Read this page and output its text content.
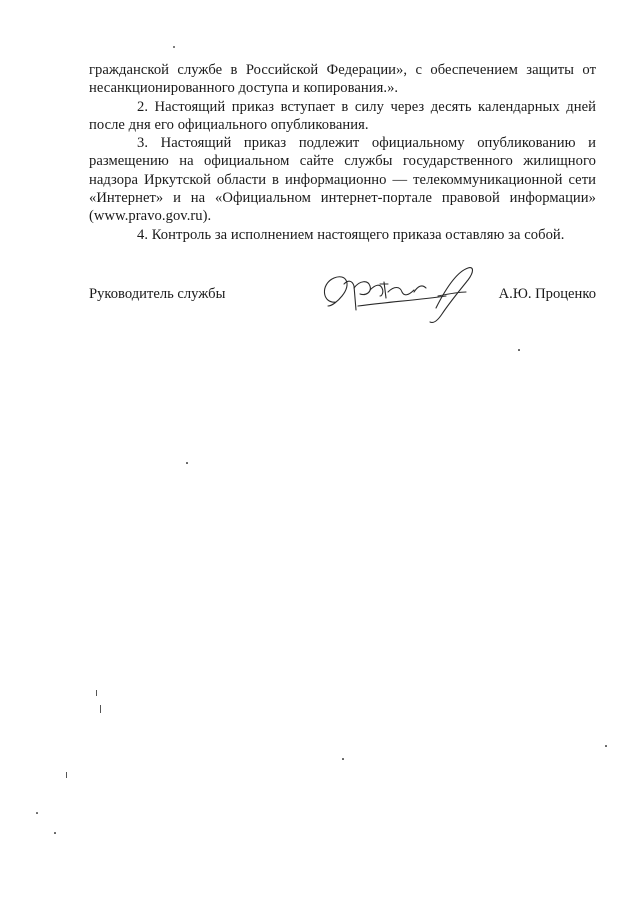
гражданской службе в Российской Федерации», с обеспечением защиты от несанкционированного доступа и копирования.».

2. Настоящий приказ вступает в силу через десять календарных дней после дня его официального опубликования.

3. Настоящий приказ подлежит официальному опубликованию и размещению на официальном сайте службы государственного жилищного надзора Иркутской области в информационно — телекоммуникационной сети «Интернет» и на «Официальном интернет-портале правовой информации» (www.pravo.gov.ru).

4. Контроль за исполнением настоящего приказа оставляю за собой.

Руководитель службы	А.Ю. Проценко
